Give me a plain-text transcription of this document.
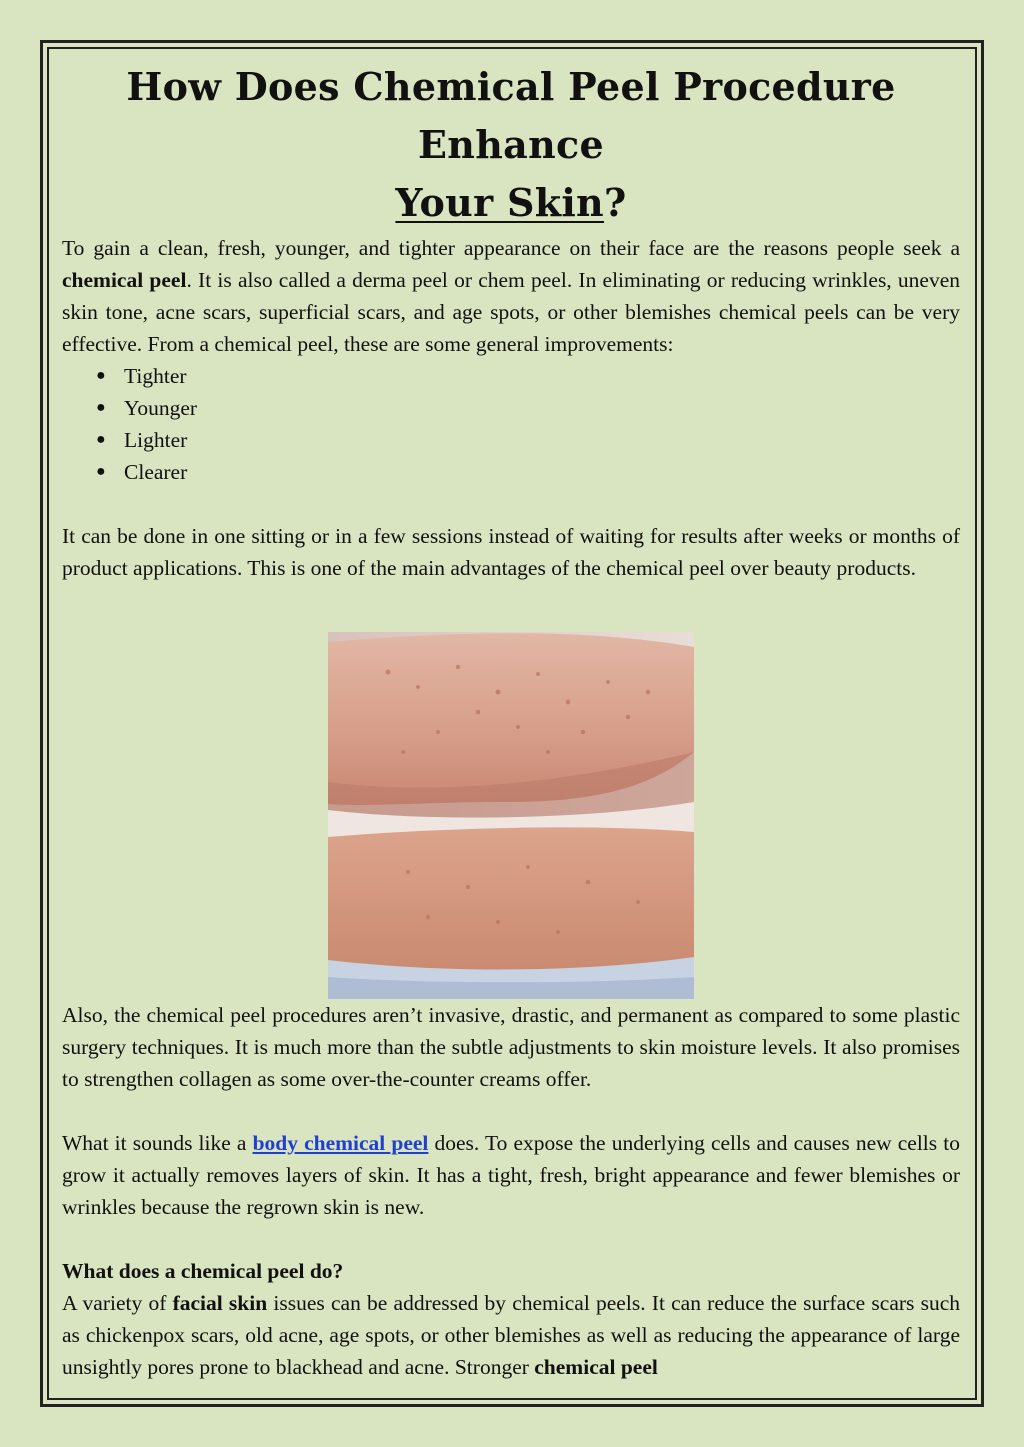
How Does Chemical Peel Procedure Enhance
Your Skin?

To gain a clean, fresh, younger, and tighter appearance on their face are the reasons people seek a chemical peel. It is also called a derma peel or chem peel. In eliminating or reducing wrinkles, uneven skin tone, acne scars, superficial scars, and age spots, or other blemishes chemical peels can be very effective. From a chemical peel, these are some general improvements:

● Tighter
● Younger
● Lighter
● Clearer

It can be done in one sitting or in a few sessions instead of waiting for results after weeks or months of product applications. This is one of the main advantages of the chemical peel over beauty products.

Also, the chemical peel procedures aren’t invasive, drastic, and permanent as compared to some plastic surgery techniques. It is much more than the subtle adjustments to skin moisture levels. It also promises to strengthen collagen as some over-the-counter creams offer.

What it sounds like a body chemical peel does. To expose the underlying cells and causes new cells to grow it actually removes layers of skin. It has a tight, fresh, bright appearance and fewer blemishes or wrinkles because the regrown skin is new.

What does a chemical peel do?

A variety of facial skin issues can be addressed by chemical peels. It can reduce the surface scars such as chickenpox scars, old acne, age spots, or other blemishes as well as reducing the appearance of large unsightly pores prone to blackhead and acne. Stronger chemical peel
